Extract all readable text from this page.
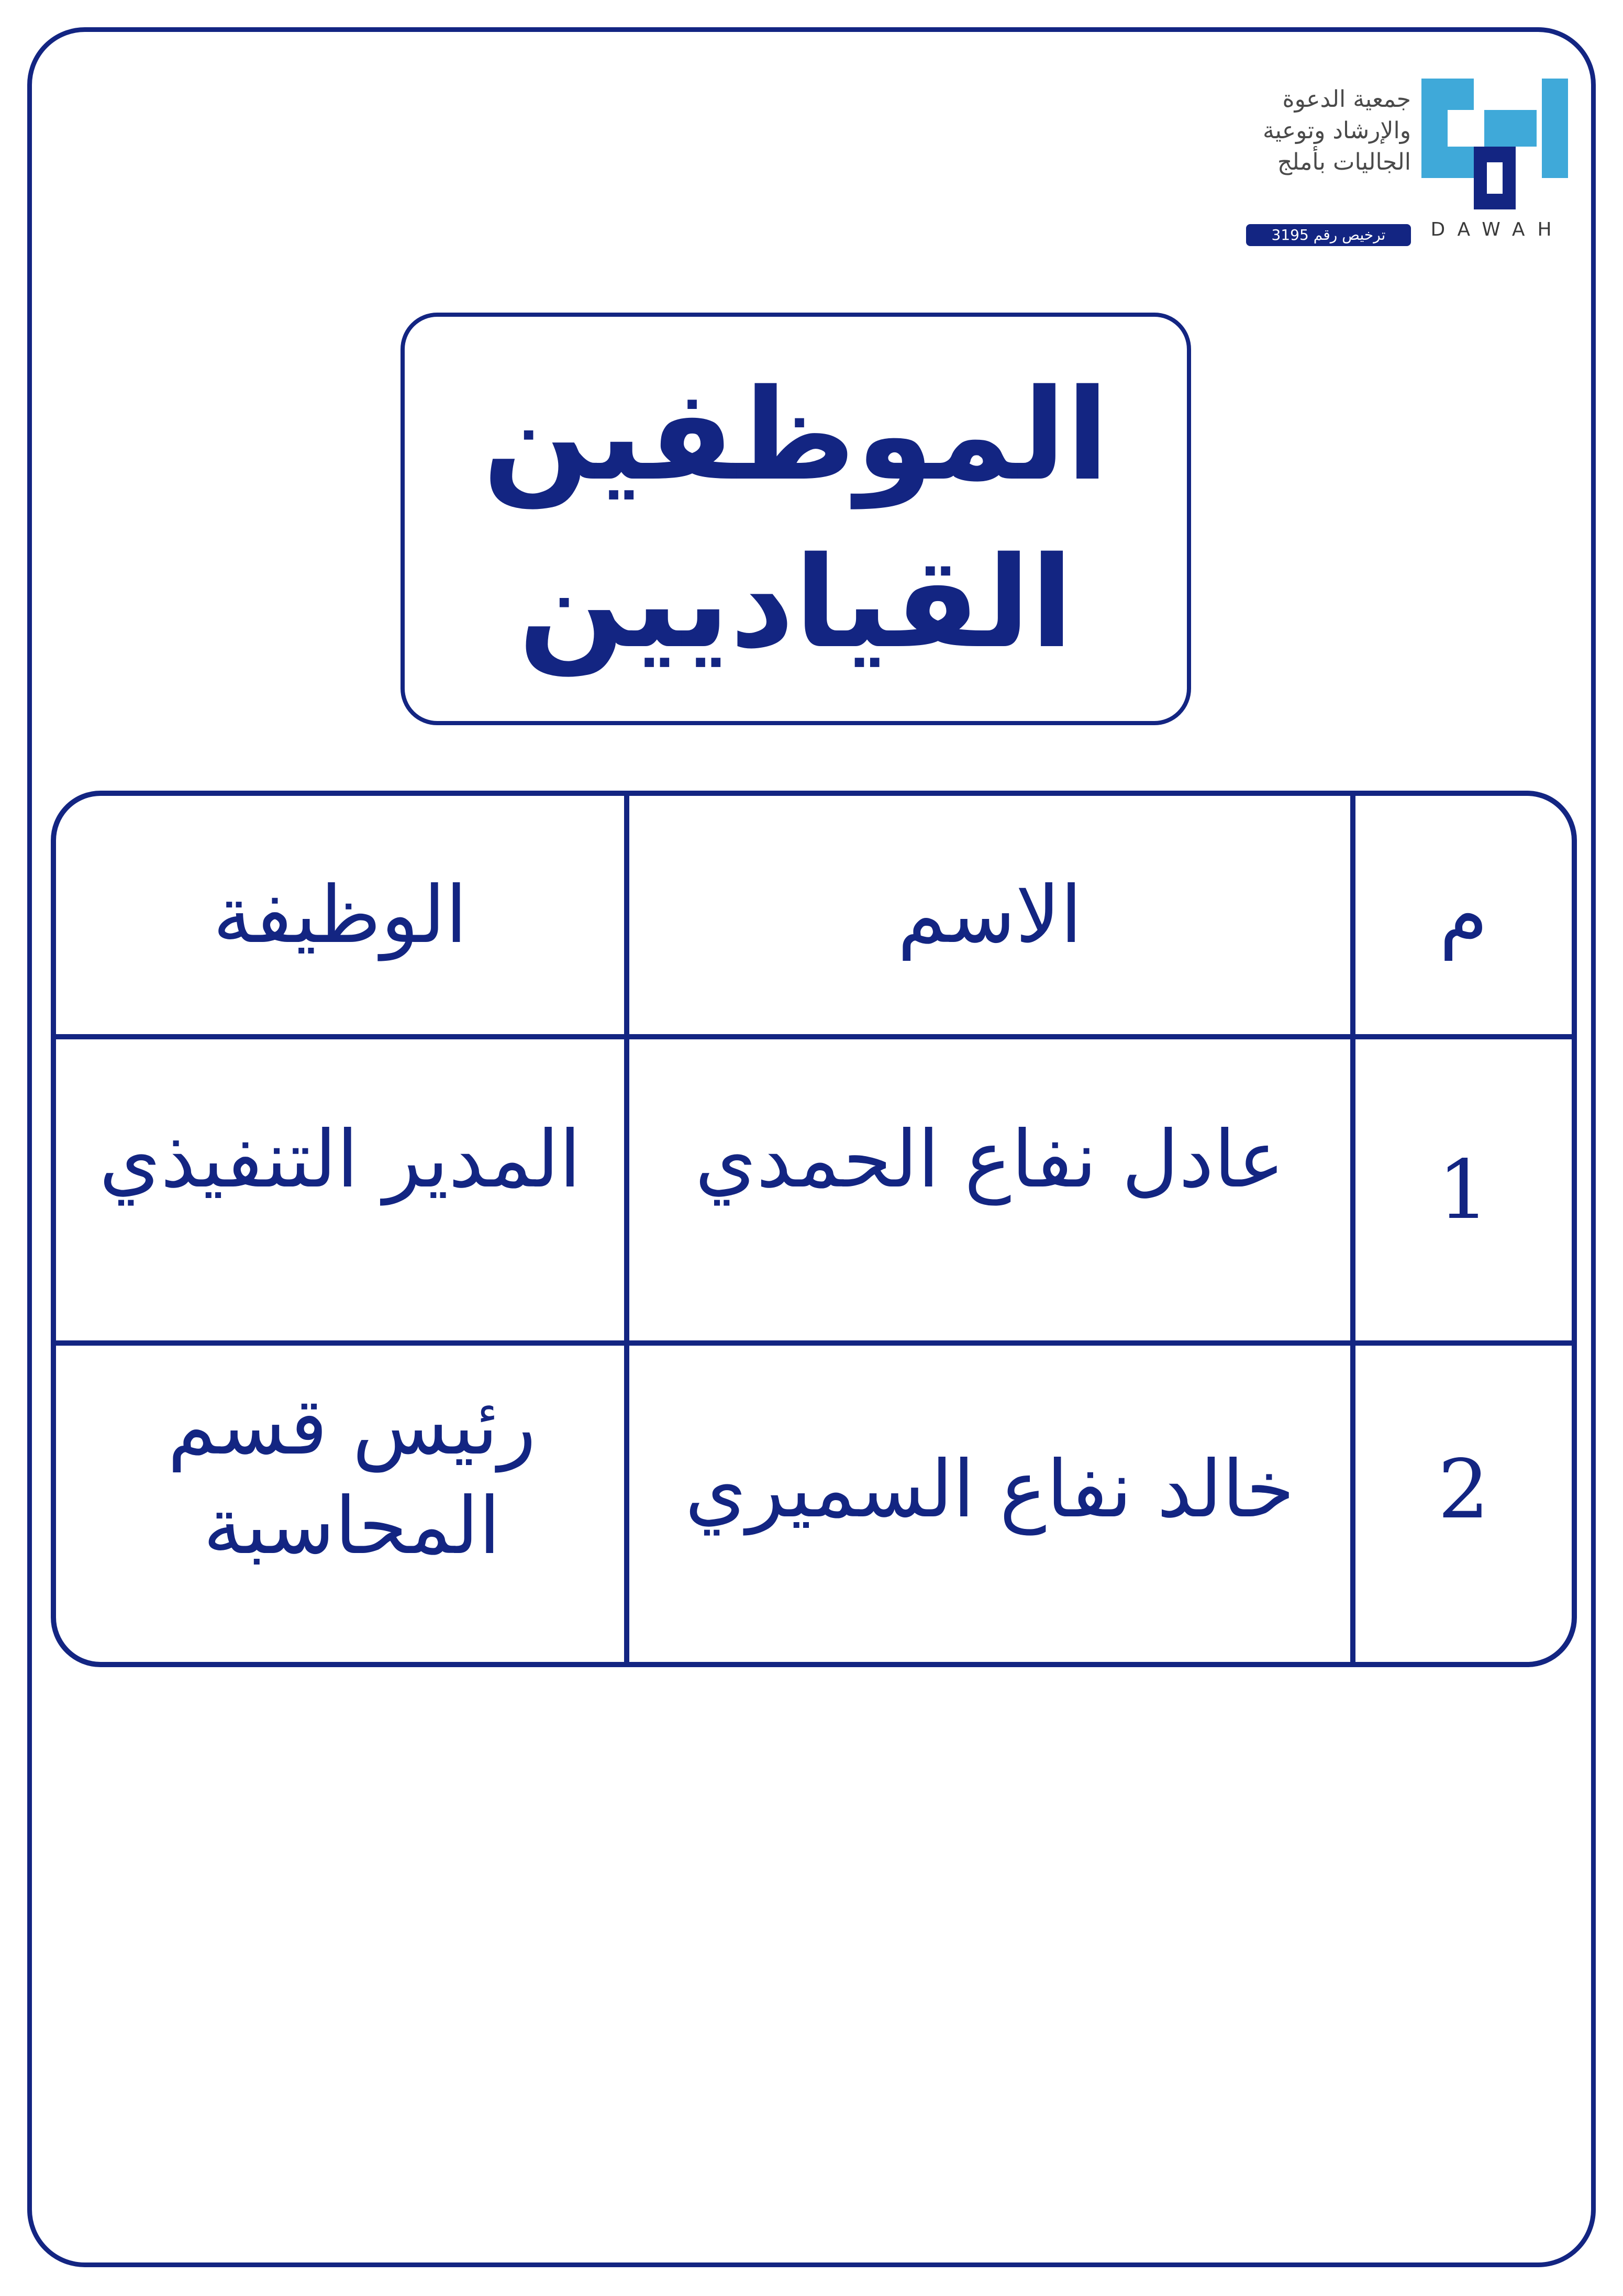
جمعية الدعوة
والإرشاد وتوعية
الجاليات بأملج
ترخيص رقم 3195	DAWAH
الموظفين
القياديين
م
الاسم
الوظيفة
1
عادل نفاع الحمدي
المدير التنفيذي
2
خالد نفاع السميري
رئيس قسم المحاسبة
